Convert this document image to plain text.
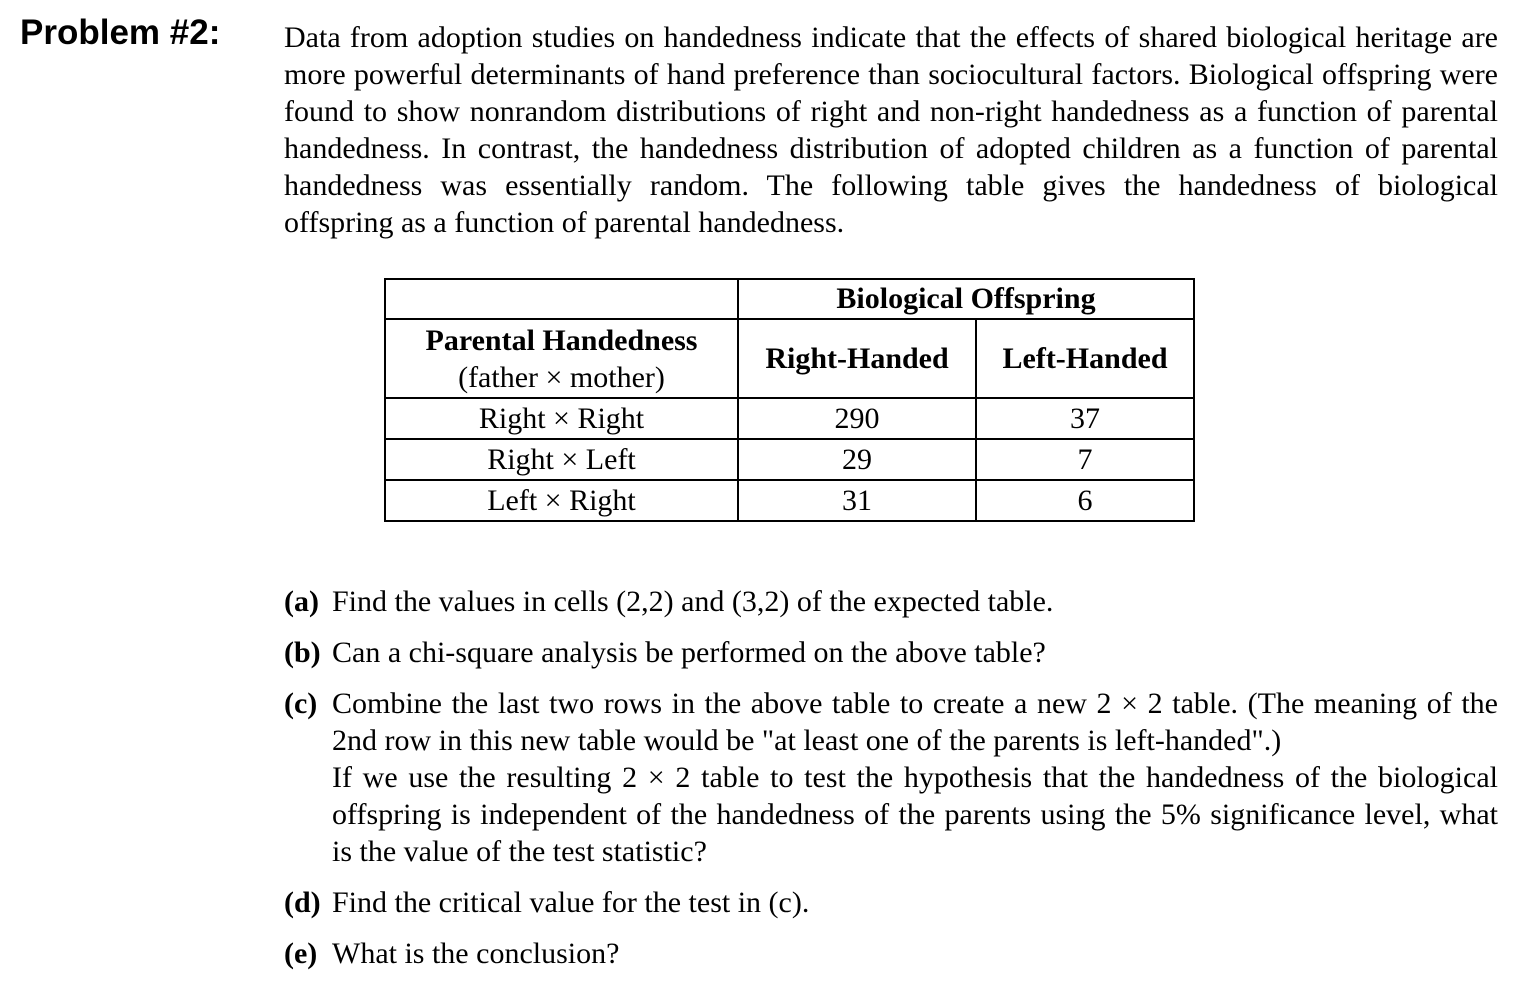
Problem #2: Data from adoption studies on handedness indicate that the effects of shared biological heritage are more powerful determinants of hand preference than sociocultural factors. Biological offspring were found to show nonrandom distributions of right and non-right handedness as a function of parental handedness. In contrast, the handedness distribution of adopted children as a function of parental handedness was essentially random. The following table gives the handedness of biological offspring as a function of parental handedness.

	Biological Offspring	

Parental Handedness
(father × mother)	Right-Handed	Left-Handed
Right × Right	290	37
Right × Left	29	7
Left × Right	31	6
(a) Find the values in cells (2,2) and (3,2) of the expected table.
(b) Can a chi-square analysis be performed on the above table?
(c) Combine the last two rows in the above table to create a new 2 × 2 table. (The meaning of the 2nd row in this new table would be "at least one of the parents is left-handed".)
If we use the resulting 2 × 2 table to test the hypothesis that the handedness of the biological offspring is independent of the handedness of the parents using the 5% significance level, what is the value of the test statistic?
(d) Find the critical value for the test in (c).
(e) What is the conclusion?
